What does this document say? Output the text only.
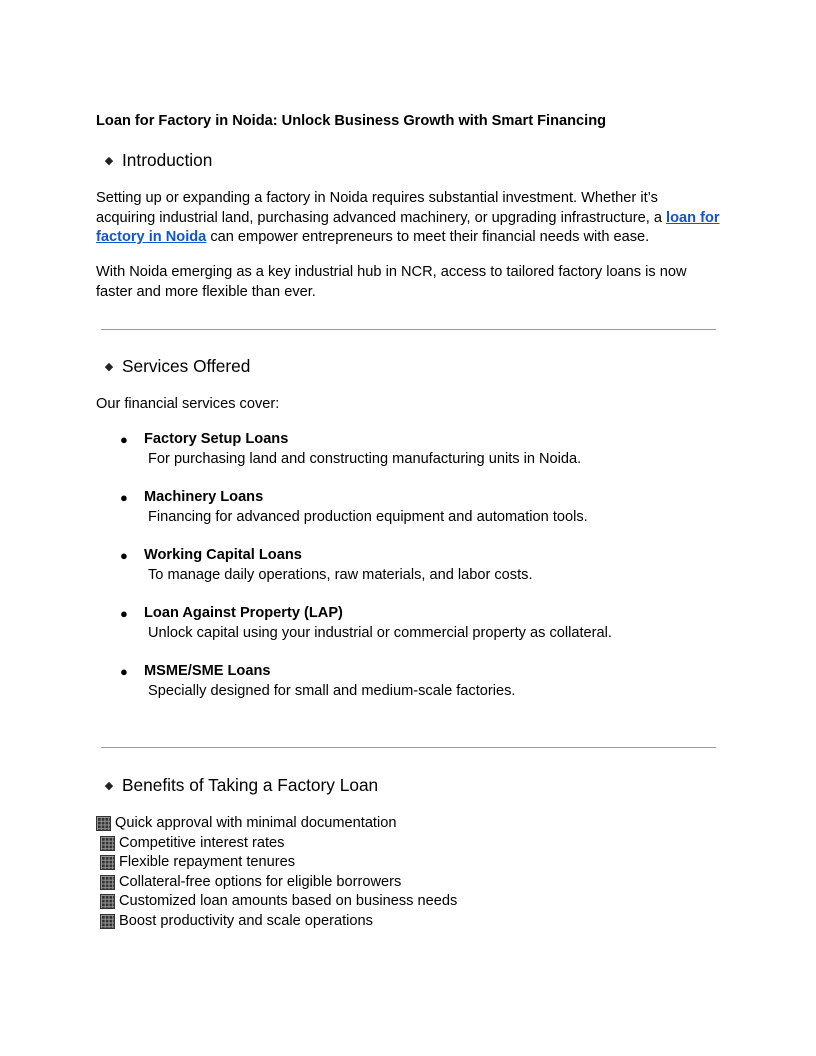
Loan for Factory in Noida: Unlock Business Growth with Smart Financing
◆ Introduction

Setting up or expanding a factory in Noida requires substantial investment. Whether it’s acquiring industrial land, purchasing advanced machinery, or upgrading infrastructure, a loan for factory in Noida can empower entrepreneurs to meet their financial needs with ease.

With Noida emerging as a key industrial hub in NCR, access to tailored factory loans is now faster and more flexible than ever.

◆ Services Offered

Our financial services cover:

● Factory Setup Loans
For purchasing land and constructing manufacturing units in Noida.
● Machinery Loans
Financing for advanced production equipment and automation tools.
● Working Capital Loans
To manage daily operations, raw materials, and labor costs.
● Loan Against Property (LAP)
Unlock capital using your industrial or commercial property as collateral.
● MSME/SME Loans
Specially designed for small and medium-scale factories.
◆ Benefits of Taking a Factory Loan
Quick approval with minimal documentation
Competitive interest rates
Flexible repayment tenures
Collateral-free options for eligible borrowers
Customized loan amounts based on business needs
Boost productivity and scale operations
